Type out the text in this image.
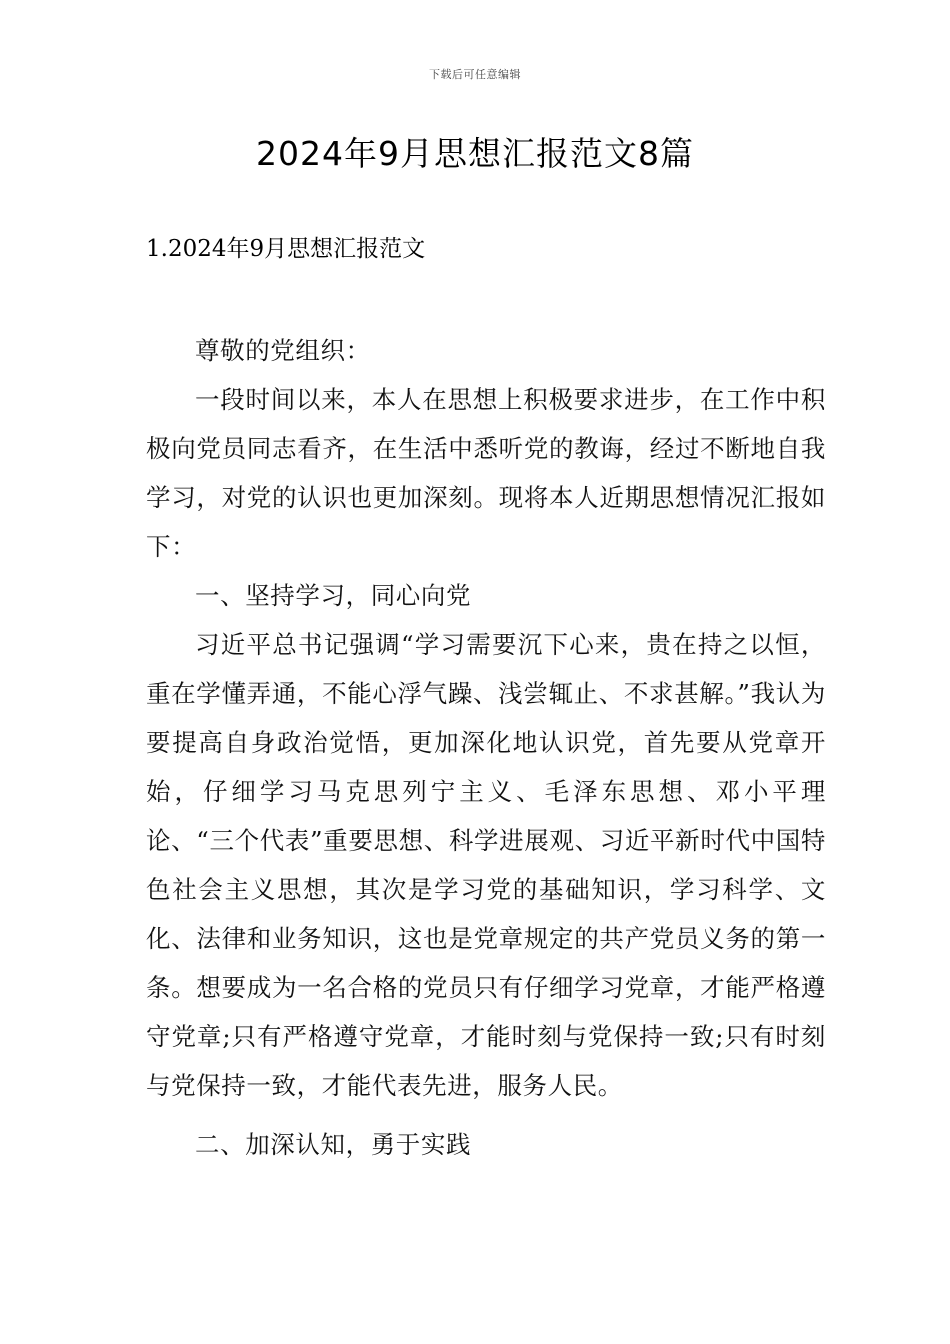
下载后可任意编辑
2024年9月思想汇报范文8篇
1.2024年9月思想汇报范文

尊敬的党组织：

一段时间以来，本人在思想上积极要求进步，在工作中积极向党员同志看齐，在生活中悉听党的教诲，经过不断地自我学习，对党的认识也更加深刻。现将本人近期思想情况汇报如下：

一、坚持学习，同心向党

习近平总书记强调“学习需要沉下心来，贵在持之以恒，重在学懂弄通，不能心浮气躁、浅尝辄止、不求甚解。”我认为要提高自身政治觉悟，更加深化地认识党，首先要从党章开始，仔细学习马克思列宁主义、毛泽东思想、邓小平理论、“三个代表”重要思想、科学进展观、习近平新时代中国特色社会主义思想，其次是学习党的基础知识，学习科学、文化、法律和业务知识，这也是党章规定的共产党员义务的第一条。想要成为一名合格的党员只有仔细学习党章，才能严格遵守党章;只有严格遵守党章，才能时刻与党保持一致;只有时刻与党保持一致，才能代表先进，服务人民。

二、加深认知，勇于实践
